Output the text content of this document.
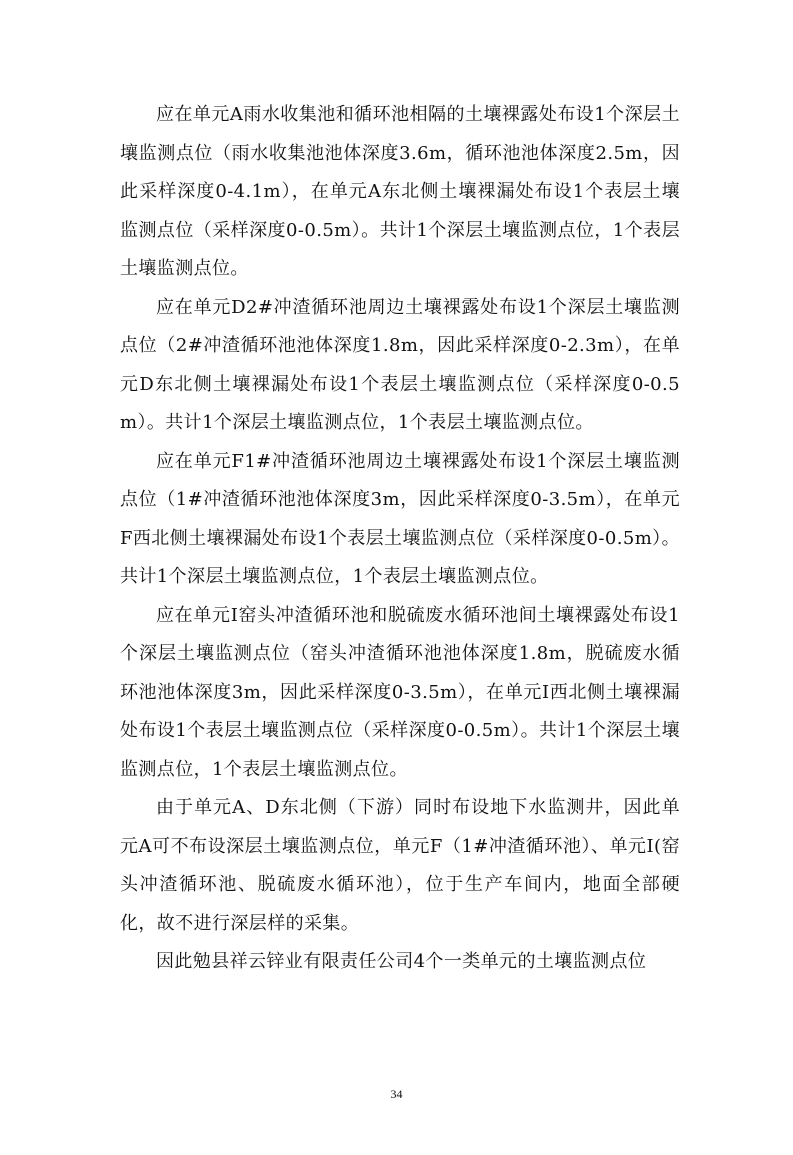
应在单元A雨水收集池和循环池相隔的土壤裸露处布设1个深层土壤监测点位（雨水收集池池体深度3.6m，循环池池体深度2.5m，因此采样深度0-4.1m），在单元A东北侧土壤裸漏处布设1个表层土壤监测点位（采样深度0-0.5m）。共计1个深层土壤监测点位，1个表层土壤监测点位。

应在单元D2#冲渣循环池周边土壤裸露处布设1个深层土壤监测点位（2#冲渣循环池池体深度1.8m，因此采样深度0-2.3m），在单元D东北侧土壤裸漏处布设1个表层土壤监测点位（采样深度0-0.5m）。共计1个深层土壤监测点位，1个表层土壤监测点位。

应在单元F1#冲渣循环池周边土壤裸露处布设1个深层土壤监测点位（1#冲渣循环池池体深度3m，因此采样深度0-3.5m），在单元F西北侧土壤裸漏处布设1个表层土壤监测点位（采样深度0-0.5m）。共计1个深层土壤监测点位，1个表层土壤监测点位。

应在单元I窑头冲渣循环池和脱硫废水循环池间土壤裸露处布设1个深层土壤监测点位（窑头冲渣循环池池体深度1.8m，脱硫废水循环池池体深度3m，因此采样深度0-3.5m），在单元I西北侧土壤裸漏处布设1个表层土壤监测点位（采样深度0-0.5m）。共计1个深层土壤监测点位，1个表层土壤监测点位。

由于单元A、D东北侧（下游）同时布设地下水监测井，因此单元A可不布设深层土壤监测点位，单元F（1#冲渣循环池）、单元I(窑头冲渣循环池、脱硫废水循环池），位于生产车间内，地面全部硬化，故不进行深层样的采集。

因此勉县祥云锌业有限责任公司4个一类单元的土壤监测点位

34
